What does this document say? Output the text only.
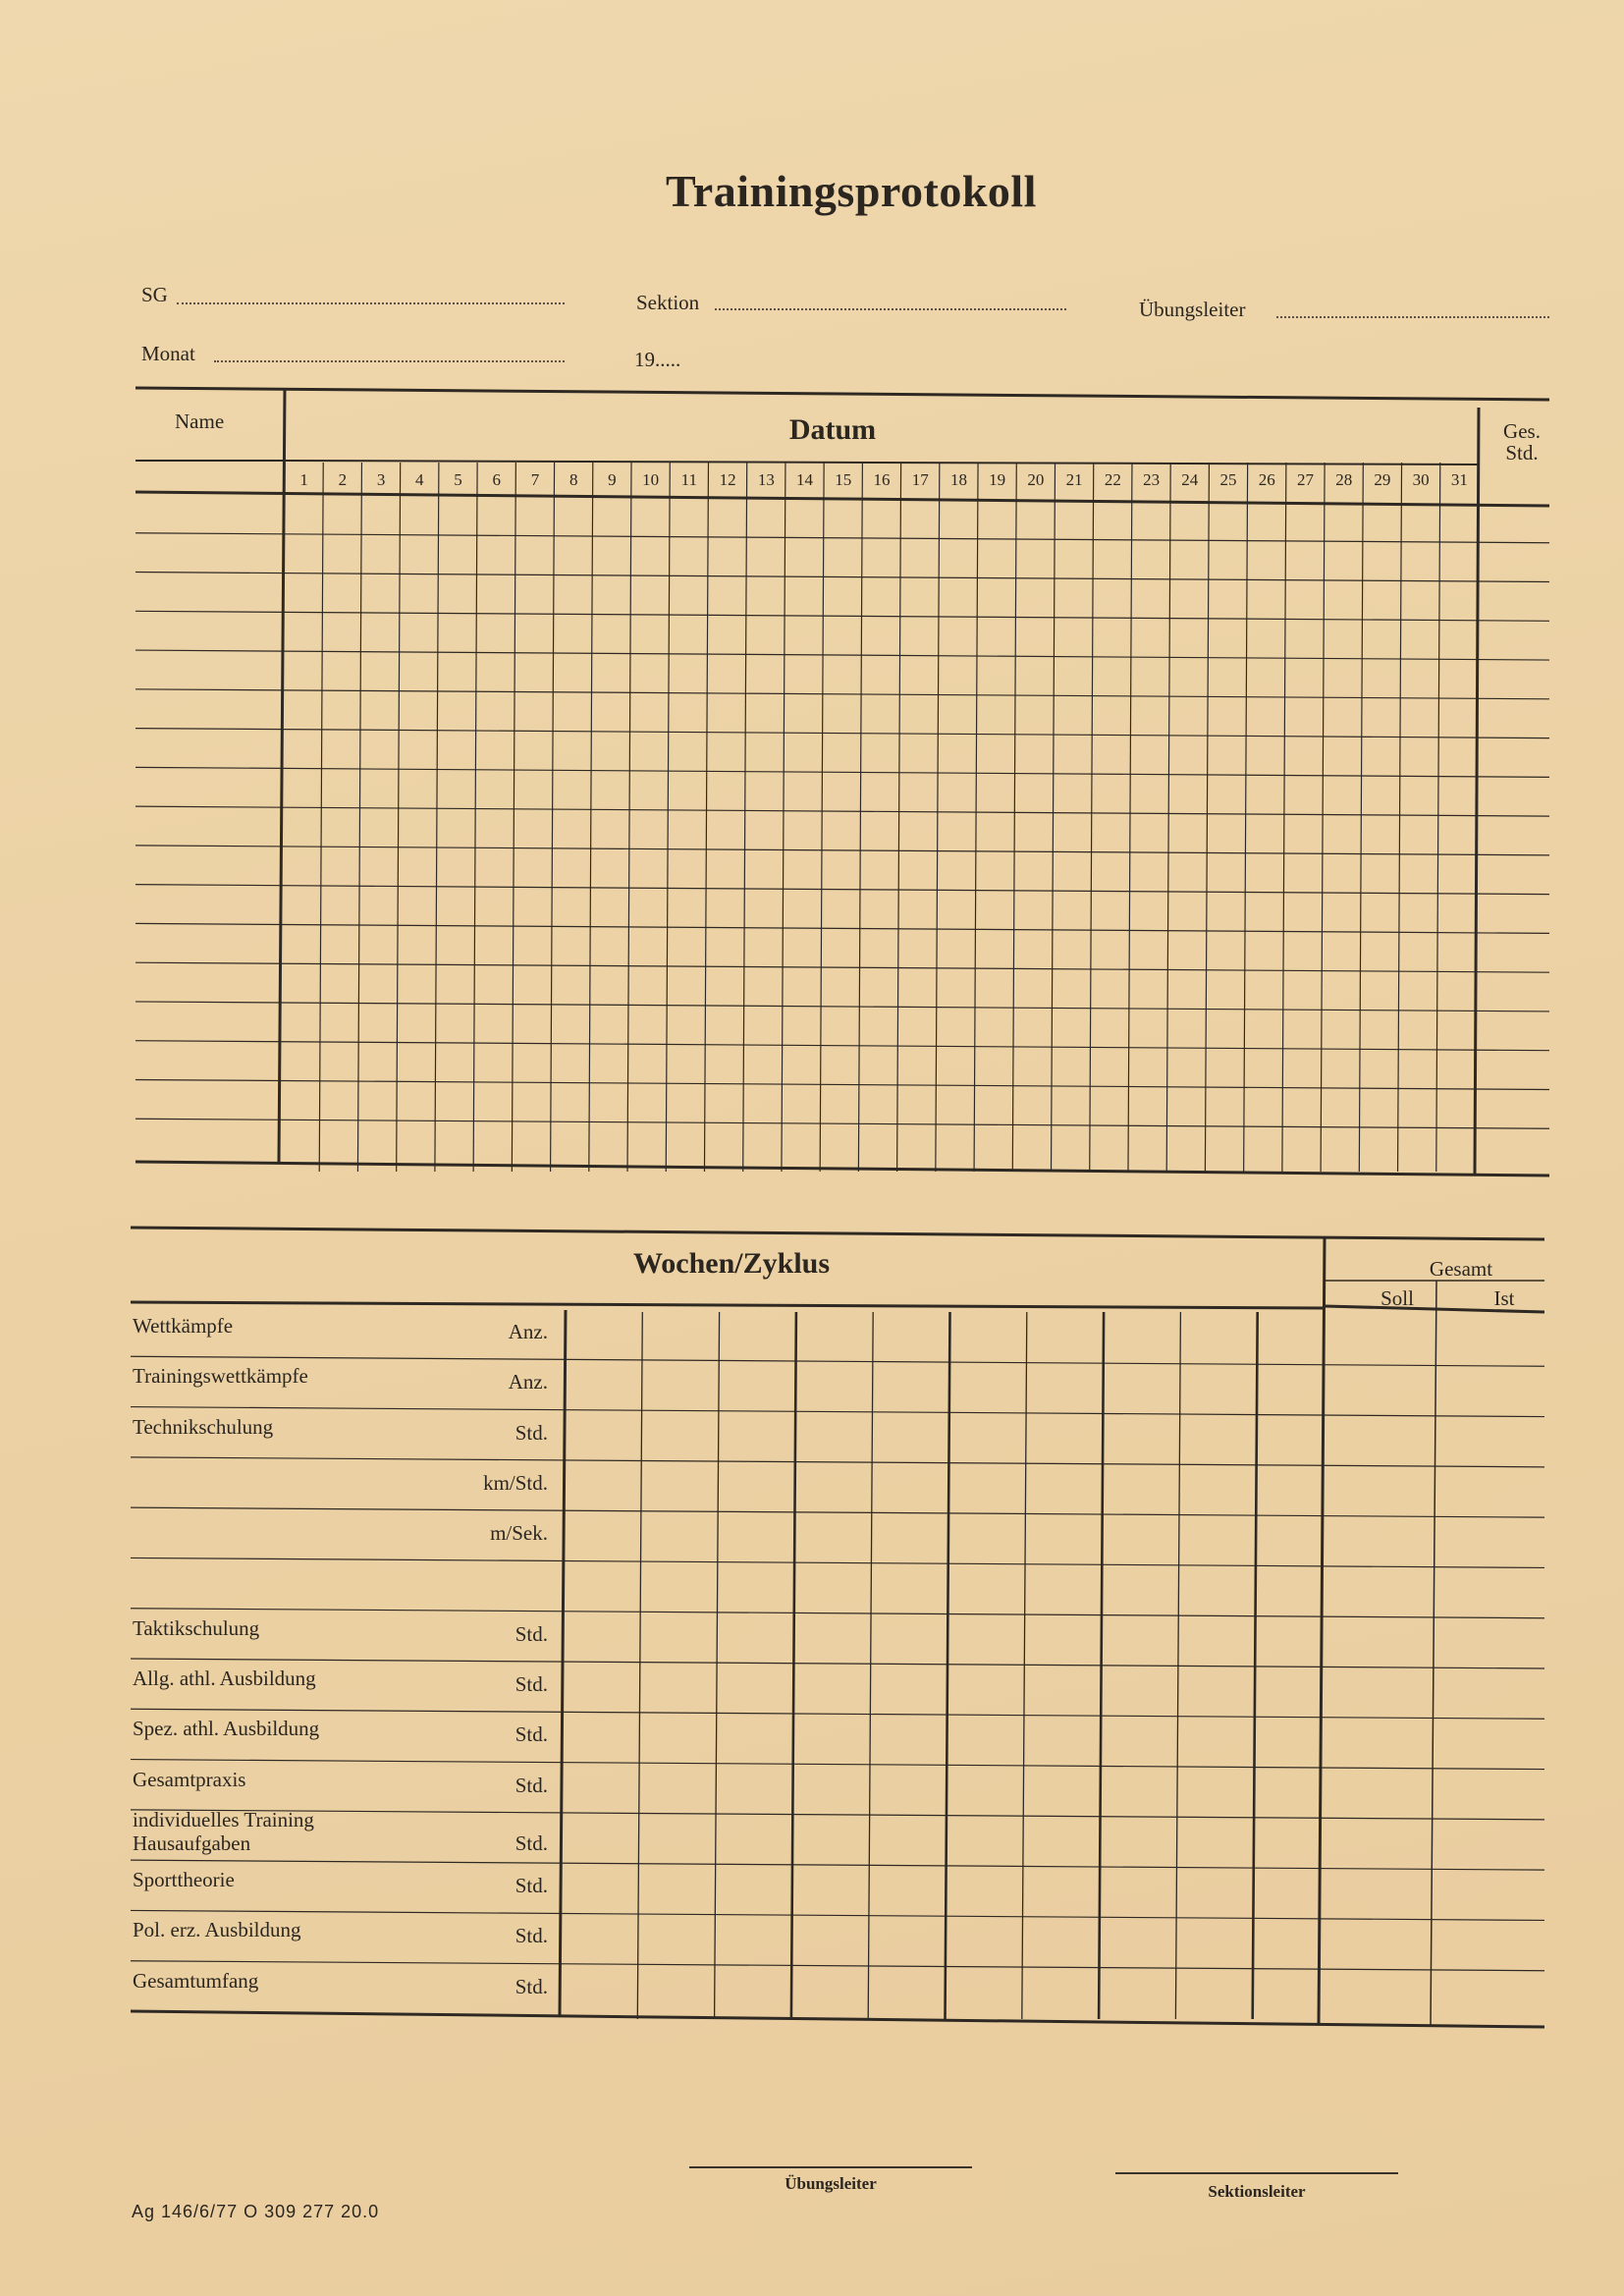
Trainingsprotokoll
SG	Sektion	Übungsleiter
Monat	19.....
Name	Datum	Ges.
Std.
1	2	3	4	5	6	7	8	9	10	11	12	13	14	15	16	17	18	19	20	21	22	23	24	25	26	27	28	29	30	31
Wochen/Zyklus	Gesamt
Soll	Ist
Wettkämpfe	Anz.
Trainingswettkämpfe	Anz.
Technikschulung	Std.
km/Std.
m/Sek.
Taktikschulung	Std.
Allg. athl. Ausbildung	Std.
Spez. athl. Ausbildung	Std.
Gesamtpraxis	Std.
individuelles Training
Hausaufgaben	Std.
Sporttheorie	Std.
Pol. erz. Ausbildung	Std.
Gesamtumfang	Std.
Übungsleiter	Sektionsleiter
Ag 146/6/77 O 309 277 20.0
